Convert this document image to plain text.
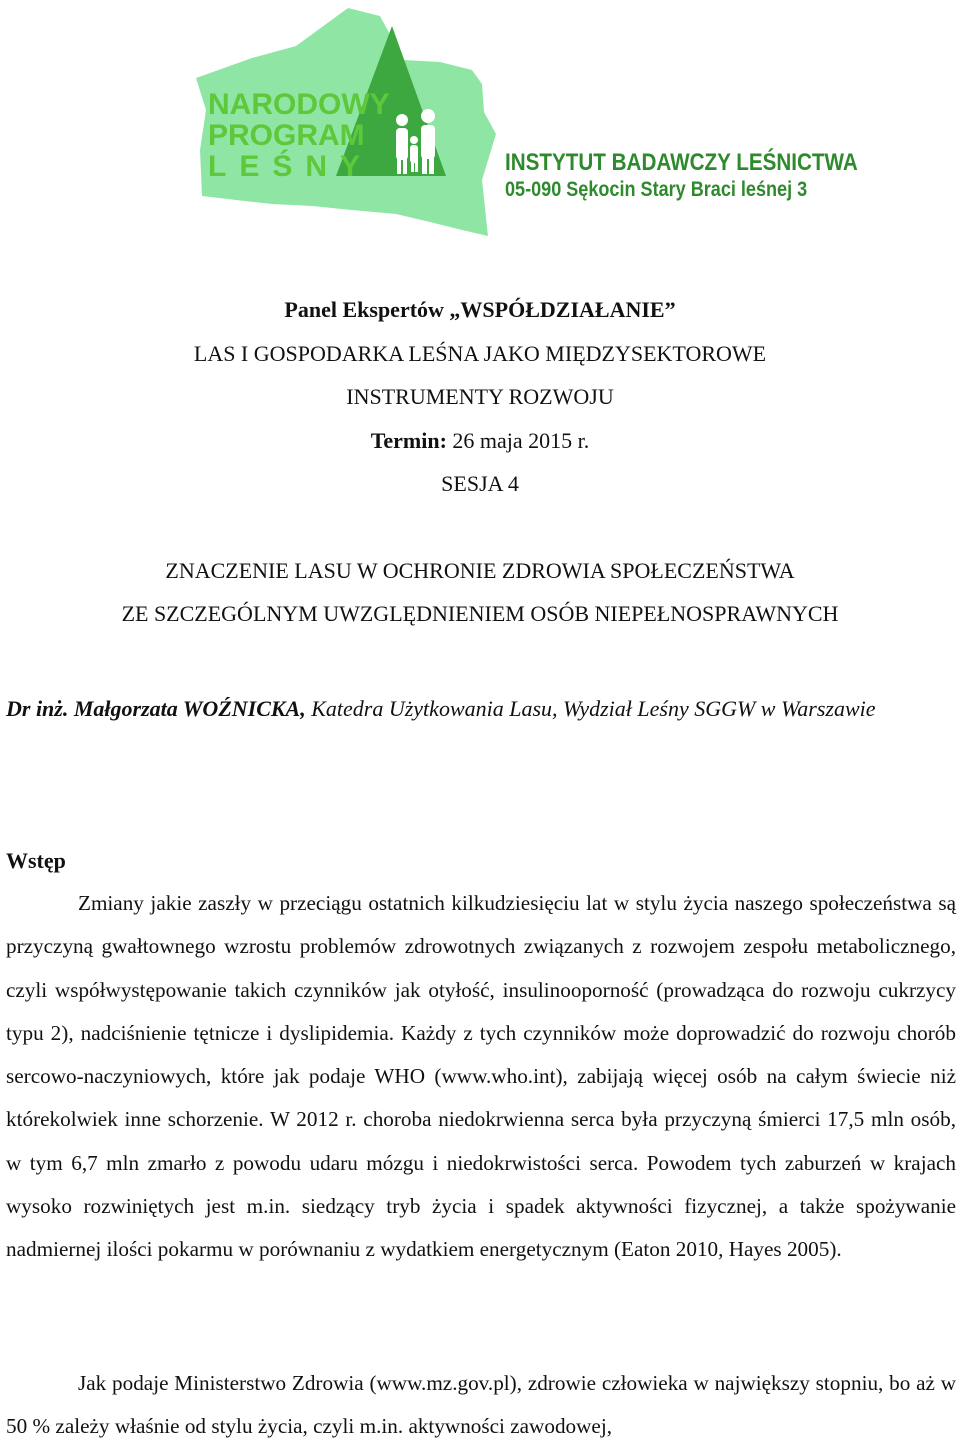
NARODOWY
PROGRAM
LEŚNY	INSTYTUT BADAWCZY LEŚNICTWA
05-090 Sękocin Stary Braci leśnej 3
Panel Ekspertów „WSPÓŁDZIAŁANIE”
LAS I GOSPODARKA LEŚNA JAKO MIĘDZYSEKTOROWE
INSTRUMENTY ROZWOJU
Termin: 26 maja 2015 r.
SESJA 4
ZNACZENIE LASU W OCHRONIE ZDROWIA SPOŁECZEŃSTWA
ZE SZCZEGÓLNYM UWZGLĘDNIENIEM OSÓB NIEPEŁNOSPRAWNYCH
Dr inż. Małgorzata WOŹNICKA, Katedra Użytkowania Lasu, Wydział Leśny SGGW w Warszawie
Wstęp
Zmiany jakie zaszły w przeciągu ostatnich kilkudziesięciu lat w stylu życia naszego społeczeństwa są przyczyną gwałtownego wzrostu problemów zdrowotnych związanych z rozwojem zespołu metabolicznego, czyli współwystępowanie takich czynników jak otyłość, insulinooporność (prowadząca do rozwoju cukrzycy typu 2), nadciśnienie tętnicze i dyslipidemia. Każdy z tych czynników może doprowadzić do rozwoju chorób sercowo-naczyniowych, które jak podaje WHO (www.who.int), zabijają więcej osób na całym świecie niż którekolwiek inne schorzenie. W 2012 r. choroba niedokrwienna serca była przyczyną śmierci 17,5 mln osób, w tym 6,7 mln zmarło z powodu udaru mózgu i niedokrwistości serca. Powodem tych zaburzeń w krajach wysoko rozwiniętych jest m.in. siedzący tryb życia i spadek aktywności fizycznej, a także spożywanie nadmiernej ilości pokarmu w porównaniu z wydatkiem energetycznym (Eaton 2010, Hayes 2005).
Jak podaje Ministerstwo Zdrowia (www.mz.gov.pl), zdrowie człowieka w największy stopniu, bo aż w 50 % zależy właśnie od stylu życia, czyli m.in. aktywności zawodowej,
